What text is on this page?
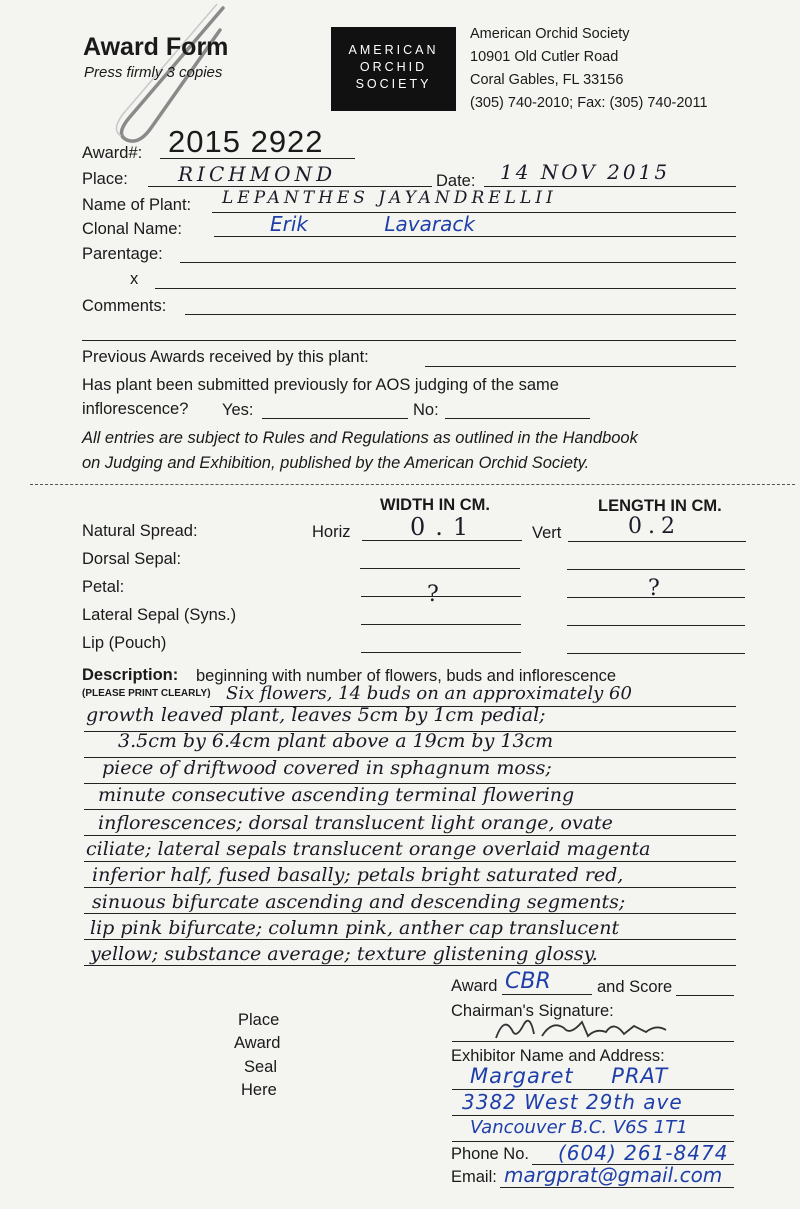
Award Form
Press firmly 3 copies
AMERICAN
ORCHID
SOCIETY
American Orchid Society
10901 Old Cutler Road
Coral Gables, FL 33156
(305) 740-2010; Fax: (305) 740-2011
Award#: 2015 2922
Place:	RICHMOND	Date: 14 NOV 2015
Name of Plant: LEPANTHES JAYANDRELLII
Clonal Name:	Erik Lavarack
Parentage:
x
Comments:
Previous Awards received by this plant:
Has plant been submitted previously for AOS judging of the same
inflorescence? Yes:	No:
All entries are subject to Rules and Regulations as outlined in the Handbook
on Judging and Exhibition, published by the American Orchid Society.
WIDTH IN CM.	LENGTH IN CM.
Natural Spread:	Horiz 0.1	Vert	0.2
Dorsal Sepal:
Petal:	?	?
Lateral Sepal (Syns.)
Lip (Pouch)
Description: beginning with number of flowers, buds and inflorescence
(PLEASE PRINT CLEARLY) Six flowers, 14 buds on an approximately 60
growth leaved plant, leaves 5cm by 1cm pedial;
3.5cm by 6.4cm plant above a 19cm by 13cm
piece of driftwood covered in sphagnum moss;
minute consecutive ascending terminal flowering
inflorescences; dorsal translucent light orange, ovate
ciliate; lateral sepals translucent orange overlaid magenta
inferior half, fused basally; petals bright saturated red,
sinuous bifurcate ascending and descending segments;
lip pink bifurcate; column pink, anther cap translucent
yellow; substance average; texture glistening glossy.
Award CBR	and Score
Chairman's Signature:
Place
Award
Seal
Here
Exhibitor Name and Address:
Margaret PRAT
3382 West 29th ave
Vancouver B.C. V6S 1T1
Phone No. (604) 261-8474
Email: margprat@gmail.com
